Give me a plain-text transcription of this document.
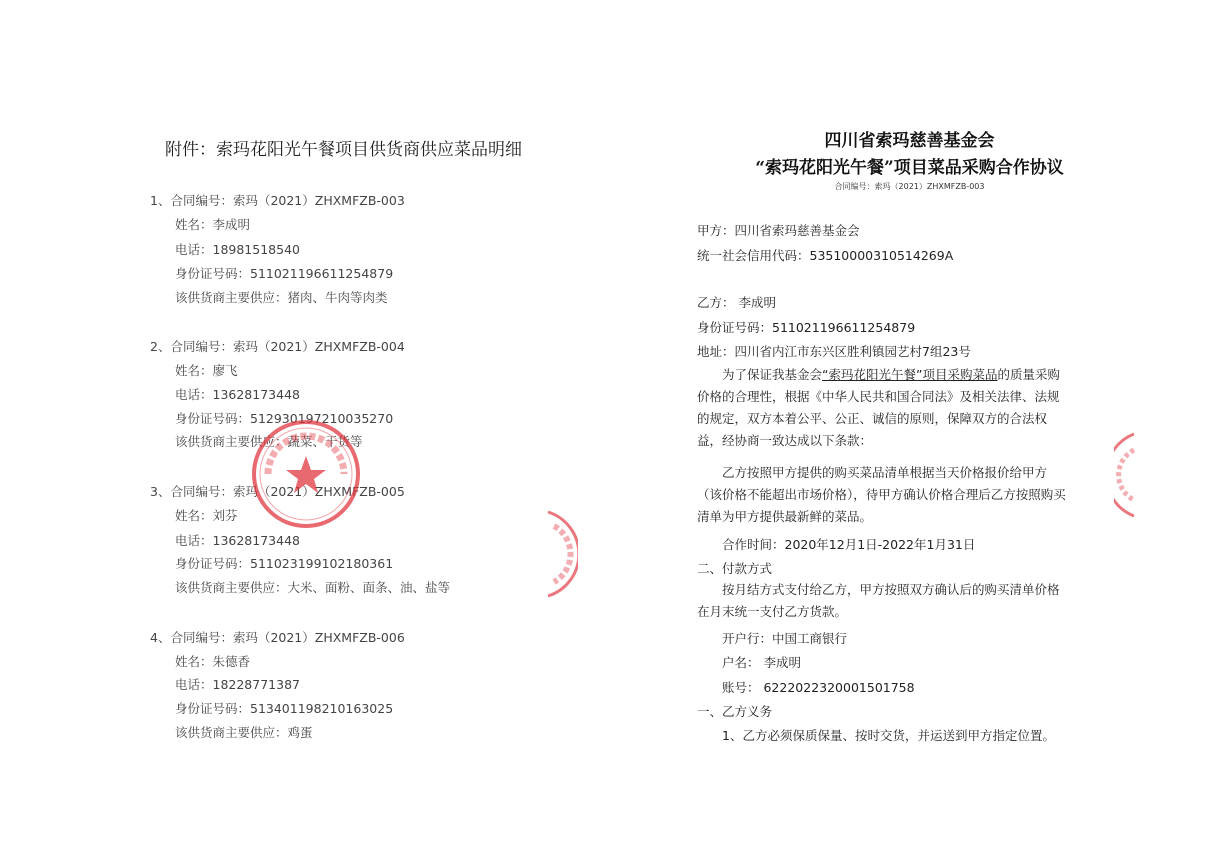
附件：索玛花阳光午餐项目供货商供应菜品明细
1、合同编号：索玛（2021）ZHXMFZB-003
姓名：李成明
电话：18981518540
身份证号码：511021196611254879
该供货商主要供应：猪肉、牛肉等肉类
2、合同编号：索玛（2021）ZHXMFZB-004
姓名：廖飞
电话：13628173448
身份证号码：512930197210035270
该供货商主要供应：蔬菜、干货等
3、合同编号：索玛（2021）ZHXMFZB-005
姓名：刘芬
电话：13628173448
身份证号码：511023199102180361
该供货商主要供应：大米、面粉、面条、油、盐等
4、合同编号：索玛（2021）ZHXMFZB-006
姓名：朱德香
电话：18228771387
身份证号码：513401198210163025
该供货商主要供应：鸡蛋
四川省索玛慈善基金会
“索玛花阳光午餐”项目菜品采购合作协议
合同编号：索玛（2021）ZHXMFZB-003
甲方：四川省索玛慈善基金会
统一社会信用代码：53510000310514269A
乙方： 李成明
身份证号码：511021196611254879
地址：四川省内江市东兴区胜利镇园艺村7组23号
为了保证我基金会“索玛花阳光午餐”项目采购菜品的质量采购价格的合理性，根据《中华人民共和国合同法》及相关法律、法规的规定，双方本着公平、公正、诚信的原则，保障双方的合法权益，经协商一致达成以下条款：
乙方按照甲方提供的购买菜品清单根据当天价格报价给甲方（该价格不能超出市场价格），待甲方确认价格合理后乙方按照购买清单为甲方提供最新鲜的菜品。
合作时间：2020年12月1日-2022年1月31日
二、付款方式
按月结方式支付给乙方，甲方按照双方确认后的购买清单价格在月末统一支付乙方货款。
开户行：中国工商银行
户名： 李成明
账号： 6222022320001501758
一、乙方义务
1、乙方必须保质保量、按时交货，并运送到甲方指定位置。
